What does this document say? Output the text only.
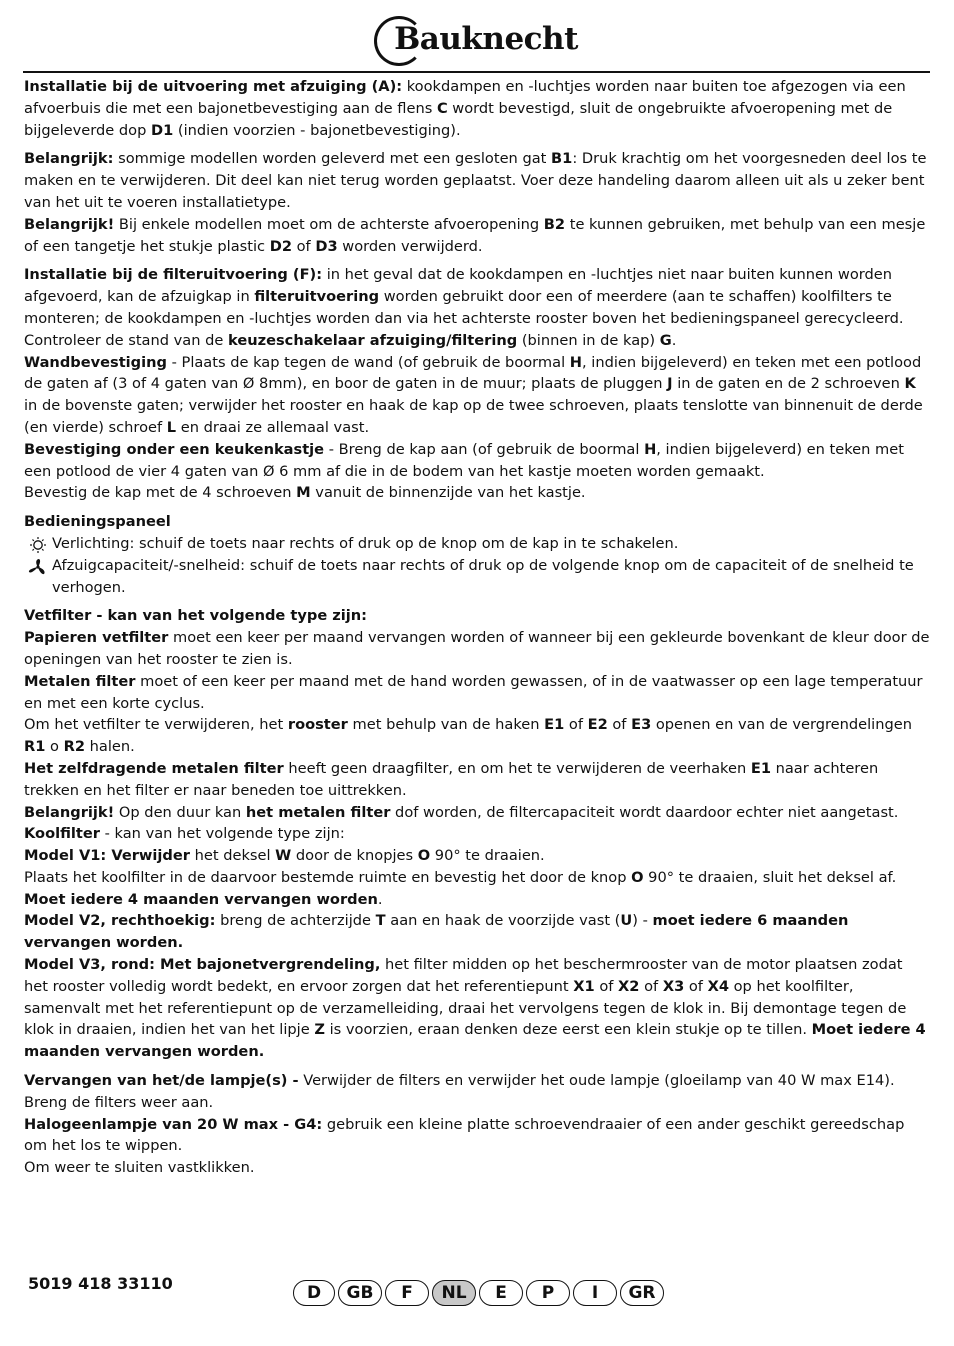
Bauknecht

Installatie bij de uitvoering met afzuiging (A): kookdampen en -luchtjes worden naar buiten toe afgezogen via een afvoerbuis die met een bajonetbevestiging aan de flens C wordt bevestigd, sluit de ongebruikte afvoeropening met de bijgeleverde dop D1 (indien voorzien - bajonetbevestiging).

Belangrijk: sommige modellen worden geleverd met een gesloten gat B1: Druk krachtig om het voorgesneden deel los te maken en te verwijderen. Dit deel kan niet terug worden geplaatst. Voer deze handeling daarom alleen uit als u zeker bent van het uit te voeren installatietype.

Belangrijk! Bij enkele modellen moet om de achterste afvoeropening B2 te kunnen gebruiken, met behulp van een mesje of een tangetje het stukje plastic D2 of D3 worden verwijderd.

Installatie bij de filteruitvoering (F): in het geval dat de kookdampen en -luchtjes niet naar buiten kunnen worden afgevoerd, kan de afzuigkap in filteruitvoering worden gebruikt door een of meerdere (aan te schaffen) koolfilters te monteren; de kookdampen en -luchtjes worden dan via het achterste rooster boven het bedieningspaneel gerecycleerd. Controleer de stand van de keuzeschakelaar afzuiging/filtering (binnen in de kap) G.

Wandbevestiging - Plaats de kap tegen de wand (of gebruik de boormal H, indien bijgeleverd) en teken met een potlood de gaten af (3 of 4 gaten van Ø 8mm), en boor de gaten in de muur; plaats de pluggen J in de gaten en de 2 schroeven K in de bovenste gaten; verwijder het rooster en haak de kap op de twee schroeven, plaats tenslotte van binnenuit de derde (en vierde) schroef L en draai ze allemaal vast.

Bevestiging onder een keukenkastje - Breng de kap aan (of gebruik de boormal H, indien bijgeleverd) en teken met een potlood de vier 4 gaten van Ø 6 mm af die in de bodem van het kastje moeten worden gemaakt.

Bevestig de kap met de 4 schroeven M vanuit de binnenzijde van het kastje.

Bedieningspaneel

Verlichting: schuif de toets naar rechts of druk op de knop om de kap in te schakelen.

Afzuigcapaciteit/-snelheid: schuif de toets naar rechts of druk op de volgende knop om de capaciteit of de snelheid te verhogen.

Vetfilter - kan van het volgende type zijn:

Papieren vetfilter moet een keer per maand vervangen worden of wanneer bij een gekleurde bovenkant de kleur door de openingen van het rooster te zien is.

Metalen filter moet of een keer per maand met de hand worden gewassen, of in de vaatwasser op een lage temperatuur en met een korte cyclus.

Om het vetfilter te verwijderen, het rooster met behulp van de haken E1 of E2 of E3 openen en van de vergrendelingen R1 o R2 halen.

Het zelfdragende metalen filter heeft geen draagfilter, en om het te verwijderen de veerhaken E1 naar achteren trekken en het filter er naar beneden toe uittrekken.

Belangrijk! Op den duur kan het metalen filter dof worden, de filtercapaciteit wordt daardoor echter niet aangetast.

Koolfilter - kan van het volgende type zijn:

Model V1: Verwijder het deksel W door de knopjes O 90° te draaien.

Plaats het koolfilter in de daarvoor bestemde ruimte en bevestig het door de knop O 90° te draaien, sluit het deksel af.

Moet iedere 4 maanden vervangen worden.

Model V2, rechthoekig: breng de achterzijde T aan en haak de voorzijde vast (U) - moet iedere 6 maanden vervangen worden.

Model V3, rond: Met bajonetvergrendeling, het filter midden op het beschermrooster van de motor plaatsen zodat het rooster volledig wordt bedekt, en ervoor zorgen dat het referentiepunt X1 of X2 of X3 of X4 op het koolfilter, samenvalt met het referentiepunt op de verzamelleiding, draai het vervolgens tegen de klok in. Bij demontage tegen de klok in draaien, indien het van het lipje Z is voorzien, eraan denken deze eerst een klein stukje op te tillen. Moet iedere 4 maanden vervangen worden.

Vervangen van het/de lampje(s) - Verwijder de filters en verwijder het oude lampje (gloeilamp van 40 W max E14).

Breng de filters weer aan.

Halogeenlampje van 20 W max - G4: gebruik een kleine platte schroevendraaier of een ander geschikt gereedschap om het los te wippen.

Om weer te sluiten vastklikken.

5019 418 33110	D	GB	F	NL	E	P	I	GR
